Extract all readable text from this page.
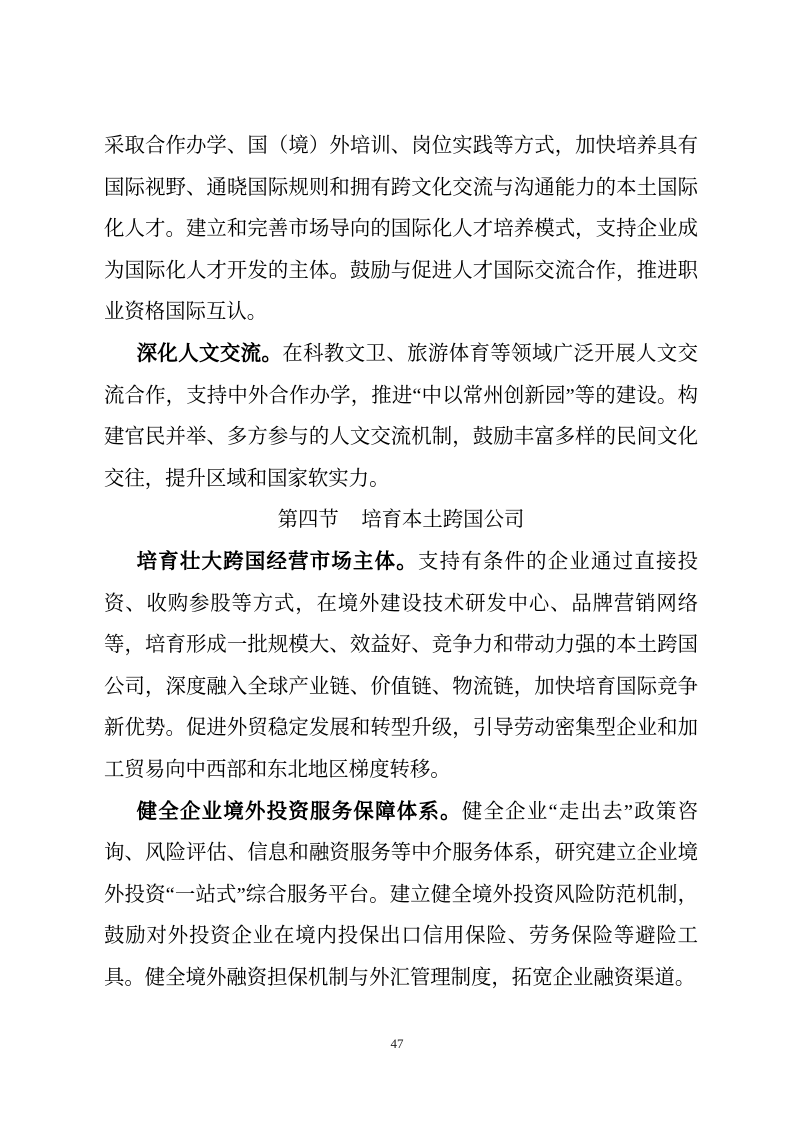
采取合作办学、国（境）外培训、岗位实践等方式，加快培养具有国际视野、通晓国际规则和拥有跨文化交流与沟通能力的本土国际化人才。建立和完善市场导向的国际化人才培养模式，支持企业成为国际化人才开发的主体。鼓励与促进人才国际交流合作，推进职业资格国际互认。

深化人文交流。在科教文卫、旅游体育等领域广泛开展人文交流合作，支持中外合作办学，推进“中以常州创新园”等的建设。构建官民并举、多方参与的人文交流机制，鼓励丰富多样的民间文化交往，提升区域和国家软实力。

第四节 培育本土跨国公司

培育壮大跨国经营市场主体。支持有条件的企业通过直接投资、收购参股等方式，在境外建设技术研发中心、品牌营销网络等，培育形成一批规模大、效益好、竞争力和带动力强的本土跨国公司，深度融入全球产业链、价值链、物流链，加快培育国际竞争新优势。促进外贸稳定发展和转型升级，引导劳动密集型企业和加工贸易向中西部和东北地区梯度转移。

健全企业境外投资服务保障体系。健全企业“走出去”政策咨询、风险评估、信息和融资服务等中介服务体系，研究建立企业境外投资“一站式”综合服务平台。建立健全境外投资风险防范机制，鼓励对外投资企业在境内投保出口信用保险、劳务保险等避险工具。健全境外融资担保机制与外汇管理制度，拓宽企业融资渠道。

47
